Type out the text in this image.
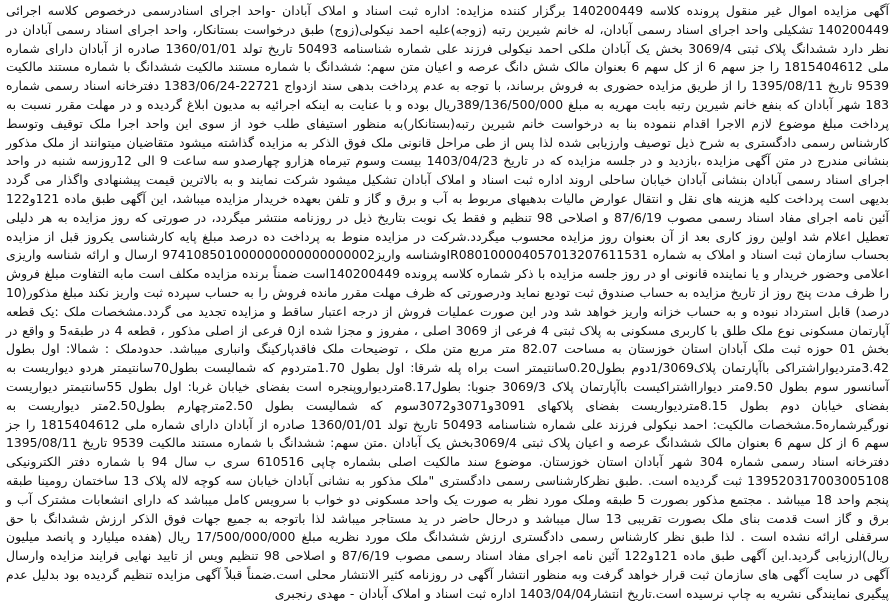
آگهی مزایده اموال غیر منقول پرونده کلاسه 140200449 برگزار کننده مزایده: اداره ثبت اسناد و املاک آبادان -واحد اجرای اسنادرسمی درخصوص کلاسه اجرائی 140200449 تشکیلی واحد اجرای اسناد رسمی آبادان، له خانم شیرین رتبه (زوجه)علیه احمد نیکولی(زوج) طبق درخواست بستانکار، واحد اجرای اسناد رسمی آبادان در نظر دارد ششدانگ پلاک ثبتی 3069/4 بخش یک آبادان ملکی احمد نیکولی فرزند علی شماره شناسنامه 50493 تاریخ تولد 1360/01/01 صادره از آبادان دارای شماره ملی 1815404612 را جز سهم 6 از کل سهم 6 بعنوان مالک شش دانگ عرصه و اعیان متن سهم: ششدانگ با شماره مستند مالکیت ششدانگ با شماره مستند مالکیت 9539 تاریخ 1395/08/11 را از طریق مزایده حضوری به فروش برساند، با توجه به عدم پرداخت بدهی سند ازدواج 22721-1383/06/24 دفترخانه اسناد رسمی شماره 183 شهر آبادان که بنفع خانم شیرین رتبه بابت مهریه به مبلغ 389/136/500/000ریال بوده و با عنایت به اینکه اجرائیه به مدیون ابلاغ گردیده و در مهلت مقرر نسبت به پرداخت مبلغ موضوع لازم الاجرا اقدام ننموده بنا به درخواست خانم شیرین رتبه(بستانکار)به منظور استیفای طلب خود از سوی این واحد اجرا ملک توقیف وتوسط کارشناس رسمی دادگستری به شرح ذیل توصیف وارزیابی شده لذا پس از طی مراحل قانونی ملک فوق الذکر به مزایده گذاشته میشود متقاضیان میتوانند از ملک مذکور بنشانی مندرج در متن آگهی مزایده ،بازدید و در جلسه مزایده که در تاریخ 1403/04/23 بیست وسوم تیرماه هزارو چهارصدو سه ساعت 9 الی 12روزسه شنبه در واحد اجرای اسناد رسمی آبادان بنشانی آبادان خیابان ساحلی اروند اداره ثبت اسناد و املاک آبادان تشکیل میشود شرکت نمایند و به بالاترین قیمت پیشنهادی واگذار می گردد بدیهی است پرداخت کلیه هزینه های نقل و انتقال عوارض مالیات بدهیهای مربوط به آب و برق و گاز و تلفن بعهده خریدار مزایده میباشد، این آگهی طبق ماده 121و122 آئین نامه اجرای مفاد اسناد رسمی مصوب 87/6/19 و اصلاحی 98 تنظیم و فقط یک نوبت بتاریخ ذیل در روزنامه منتشر میگردد، در صورتی که روز مزایده به هر دلیلی تعطیل اعلام شد اولین روز کاری بعد از آن بعنوان روز مزایده محسوب میگردد.شرکت در مزایده منوط به پرداخت ده درصد مبلغ پایه کارشناسی یکروز قبل از مزایده بحساب سازمان ثبت اسناد و املاک به شماره IR080100004057013207611531وشناسه واریز974108501000000000000000002 ارسال و ارائه شناسه واریزی اعلامی وحضور خریدار و یا نماینده قانونی او در روز جلسه مزایده با ذکر شماره کلاسه پرونده 140200449است ضمناً برنده مزایده مکلف است مابه التفاوت مبلغ فروش را ظرف مدت پنج روز از تاریخ مزایده به حساب صندوق ثبت تودیع نماید ودرصورتی که ظرف مهلت مقرر مانده فروش را به حساب سپرده ثبت واریز نکند مبلغ مذکور(10 درصد) قابل استرداد نبوده و به حساب خزانه واریز خواهد شد ودر این صورت عملیات فروش از درجه اعتبار ساقط و مزایده تجدید می گردد.مشخصات ملک :یک قطعه آپارتمان مسکونی نوع ملک طلق با کاربری مسکونی به پلاک ثبتی 4 فرعی از 3069 اصلی ، مفروز و مجزا شده از0 فرعی از اصلی مذکور ، قطعه 4 در طبقه5 و واقع در بخش 01 حوزه ثبت ملک آبادان استان خوزستان به مساحت 82.07 متر مربع متن ملک ، توضیحات ملک فاقدپارکینگ وانباری میباشد. حدودملک : شمالا: اول بطول 3.42متردیواراشتراکی باآپارتمان پلاک1/3069دوم بطول0.20سانتیمتر است براه پله شرقا: اول بطول 1.70متردوم که شمالیست بطول70سانتیمتر هردو دیواریست به آسانسور سوم بطول 9.50متر دیوارااشتراکیست باآپارتمان پلاک 3069/3 جنوبا: بطول8.17متردیواروپنجره است بفضای خیابان غربا: اول بطول 55سانتیمتر دیواریست بفضای خیابان دوم بطول 8.15متردیواریست بفضای پلاکهای 3091و3071و3072سوم که شمالیست بطول 2.50مترچهارم بطول2.50متر دیواریست به نورگیرشماره5.مشخصات مالکیت: احمد نیکولی فرزند علی شماره شناسنامه 50493 تاریخ تولد 1360/01/01 صادره از آبادان دارای شماره ملی 1815404612 را جز سهم 6 از کل سهم 6 بعنوان مالک ششدانگ عرصه و اعیان پلاک ثبتی 3069/4بخش یک آبادان .متن سهم: ششدانگ با شماره مستند مالکیت 9539 تاریخ 1395/08/11 دفترخانه اسناد رسمی شماره 304 شهر آبادان استان خوزستان. موضوع سند مالکیت اصلی بشماره چاپی 610516 سری ب سال 94 با شماره دفتر الکترونیکی 139520317003005108 ثبت گردیده است. .طبق نظرکارشناسی رسمی دادگستری "ملک مذکور به نشانی آبادان خیابان سه کوچه لاله پلاک 13 ساختمان رومینا طبقه پنجم واحد 18 میباشد . مجتمع مذکور بصورت 5 طبقه وملک مورد نظر به صورت یک واحد مسکونی دو خواب با سرویس کامل میباشد که دارای انشعابات مشترک آب و برق و گاز است قدمت بنای ملک بصورت تقریبی 13 سال میباشد و درحال حاضر در ید مستاجر میباشد لذا باتوجه به جمیع جهات فوق الذکر ارزش ششدانگ با حق سرقفلی ارائه نشده است . لذا طبق نظر کارشناس رسمی دادگستری ارزش ششدانگ ملک مورد نظریه مبلغ 17/500/000/000 ریال (هفده میلیارد و پانصد میلیون ریال)ارزیابی گردید.این آگهی طبق ماده 121و122 آئین نامه اجرای مفاد اسناد رسمی مصوب 87/6/19 و اصلاحی 98 تنظیم ویس از تایید نهایی فرایند مزایده وارسال آگهی در سایت آگهی های سازمان ثبت قرار خواهد گرفت وبه منظور انتشار آگهی در روزنامه کثیر الانتشار محلی است.ضمناً قبلاً آگهی مزایده تنظیم گردیده بود بدلیل عدم پیگیری نمایندگی نشریه به چاپ نرسیده است.تاریخ انتشار1403/04/04 اداره ثبت اسناد و املاک آبادان - مهدی رنجبری
